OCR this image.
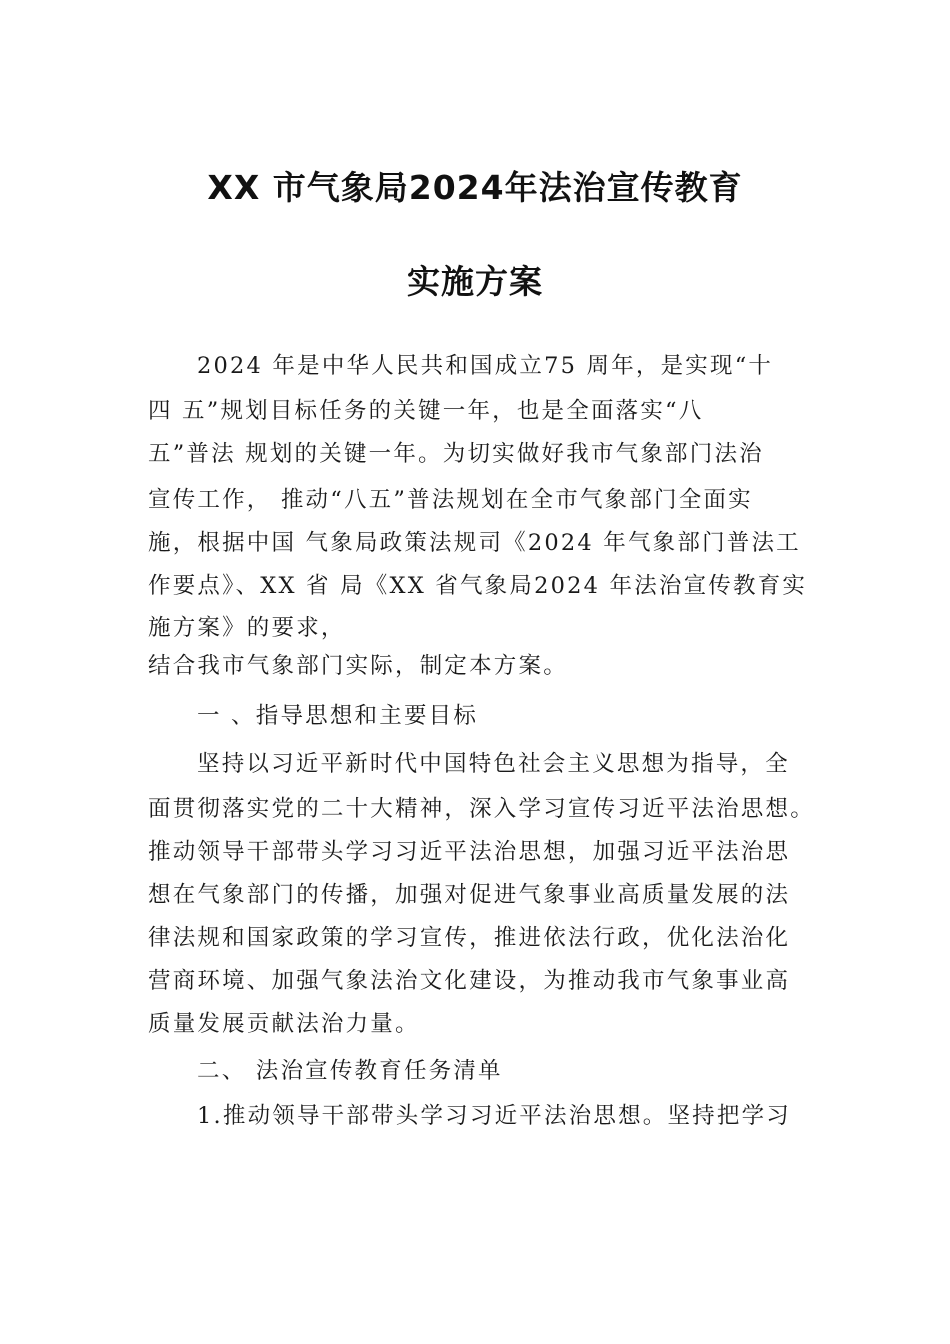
XX 市气象局2024年法治宣传教育
实施方案
2024 年是中华人民共和国成立75 周年，是实现“十
四 五”规划目标任务的关键一年，也是全面落实“八
五”普法 规划的关键一年。为切实做好我市气象部门法治
宣传工作， 推动“八五”普法规划在全市气象部门全面实
施，根据中国 气象局政策法规司《2024 年气象部门普法工
作要点》、XX 省 局《XX 省气象局2024 年法治宣传教育实
施方案》的要求，
结合我市气象部门实际，制定本方案。
一 、指导思想和主要目标
坚持以习近平新时代中国特色社会主义思想为指导，全
面贯彻落实党的二十大精神，深入学习宣传习近平法治思想。
推动领导干部带头学习习近平法治思想，加强习近平法治思
想在气象部门的传播，加强对促进气象事业高质量发展的法
律法规和国家政策的学习宣传，推进依法行政，优化法治化
营商环境、加强气象法治文化建设，为推动我市气象事业高
质量发展贡献法治力量。
二、 法治宣传教育任务清单
1.推动领导干部带头学习习近平法治思想。坚持把学习
